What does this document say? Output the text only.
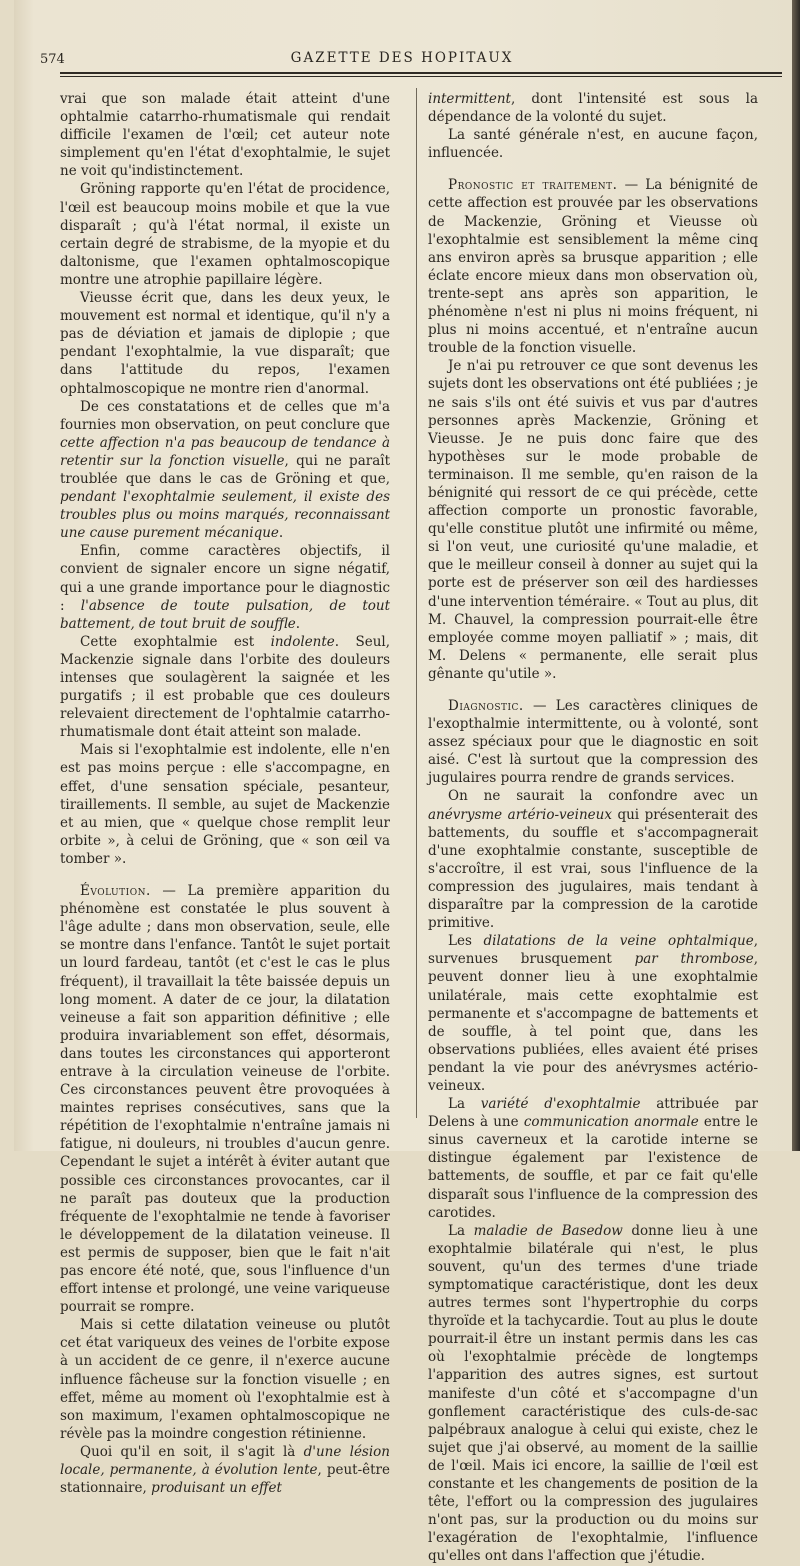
574	GAZETTE DES HOPITAUX

vrai que son malade était atteint d'une ophtalmie catarrho-rhumatismale qui rendait difficile l'examen de l'œil; cet auteur note simplement qu'en l'état d'exophtalmie, le sujet ne voit qu'indistinctement.

Gröning rapporte qu'en l'état de procidence, l'œil est beaucoup moins mobile et que la vue disparaît ; qu'à l'état normal, il existe un certain degré de strabisme, de la myopie et du daltonisme, que l'examen ophtalmoscopique montre une atrophie papillaire légère.

Vieusse écrit que, dans les deux yeux, le mouvement est normal et identique, qu'il n'y a pas de déviation et jamais de diplopie ; que pendant l'exophtalmie, la vue disparaît; que dans l'attitude du repos, l'examen ophtalmoscopique ne montre rien d'anormal.

De ces constatations et de celles que m'a fournies mon observation, on peut conclure que cette affection n'a pas beaucoup de tendance à retentir sur la fonction visuelle, qui ne paraît troublée que dans le cas de Gröning et que, pendant l'exophtalmie seulement, il existe des troubles plus ou moins marqués, reconnaissant une cause purement mécanique.

Enfin, comme caractères objectifs, il convient de signaler encore un signe négatif, qui a une grande importance pour le diagnostic : l'absence de toute pulsation, de tout battement, de tout bruit de souffle.

Cette exophtalmie est indolente. Seul, Mackenzie signale dans l'orbite des douleurs intenses que soulagèrent la saignée et les purgatifs ; il est probable que ces douleurs relevaient directement de l'ophtalmie catarrho-rhumatismale dont était atteint son malade.

Mais si l'exophtalmie est indolente, elle n'en est pas moins perçue : elle s'accompagne, en effet, d'une sensation spéciale, pesanteur, tiraillements. Il semble, au sujet de Mackenzie et au mien, que « quelque chose remplit leur orbite », à celui de Gröning, que « son œil va tomber ».

Évolution. — La première apparition du phénomène est constatée le plus souvent à l'âge adulte ; dans mon observation, seule, elle se montre dans l'enfance. Tantôt le sujet portait un lourd fardeau, tantôt (et c'est le cas le plus fréquent), il travaillait la tête baissée depuis un long moment. A dater de ce jour, la dilatation veineuse a fait son apparition définitive ; elle produira invariablement son effet, désormais, dans toutes les circonstances qui apporteront entrave à la circulation veineuse de l'orbite. Ces circonstances peuvent être provoquées à maintes reprises consécutives, sans que la répétition de l'exophtalmie n'entraîne jamais ni fatigue, ni douleurs, ni troubles d'aucun genre. Cependant le sujet a intérêt à éviter autant que possible ces circonstances provocantes, car il ne paraît pas douteux que la production fréquente de l'exophtalmie ne tende à favoriser le développement de la dilatation veineuse. Il est permis de supposer, bien que le fait n'ait pas encore été noté, que, sous l'influence d'un effort intense et prolongé, une veine variqueuse pourrait se rompre.

Mais si cette dilatation veineuse ou plutôt cet état variqueux des veines de l'orbite expose à un accident de ce genre, il n'exerce aucune influence fâcheuse sur la fonction visuelle ; en effet, même au moment où l'exophtalmie est à son maximum, l'examen ophtalmoscopique ne révèle pas la moindre congestion rétinienne.

Quoi qu'il en soit, il s'agit là d'une lésion locale, permanente, à évolution lente, peut-être stationnaire, produisant un effet

intermittent, dont l'intensité est sous la dépendance de la volonté du sujet.

La santé générale n'est, en aucune façon, influencée.

Pronostic et traitement. — La bénignité de cette affection est prouvée par les observations de Mackenzie, Gröning et Vieusse où l'exophtalmie est sensiblement la même cinq ans environ après sa brusque apparition ; elle éclate encore mieux dans mon observation où, trente-sept ans après son apparition, le phénomène n'est ni plus ni moins fréquent, ni plus ni moins accentué, et n'entraîne aucun trouble de la fonction visuelle.

Je n'ai pu retrouver ce que sont devenus les sujets dont les observations ont été publiées ; je ne sais s'ils ont été suivis et vus par d'autres personnes après Mackenzie, Gröning et Vieusse. Je ne puis donc faire que des hypothèses sur le mode probable de terminaison. Il me semble, qu'en raison de la bénignité qui ressort de ce qui précède, cette affection comporte un pronostic favorable, qu'elle constitue plutôt une infirmité ou même, si l'on veut, une curiosité qu'une maladie, et que le meilleur conseil à donner au sujet qui la porte est de préserver son œil des hardiesses d'une intervention téméraire. « Tout au plus, dit M. Chauvel, la compression pourrait-elle être employée comme moyen palliatif » ; mais, dit M. Delens « permanente, elle serait plus gênante qu'utile ».

Diagnostic. — Les caractères cliniques de l'exopthalmie intermittente, ou à volonté, sont assez spéciaux pour que le diagnostic en soit aisé. C'est là surtout que la compression des jugulaires pourra rendre de grands services.

On ne saurait la confondre avec un anévrysme artério-veineux qui présenterait des battements, du souffle et s'accompagnerait d'une exophtalmie constante, susceptible de s'accroître, il est vrai, sous l'influence de la compression des jugulaires, mais tendant à disparaître par la compression de la carotide primitive.

Les dilatations de la veine ophtalmique, survenues brusquement par thrombose, peuvent donner lieu à une exophtalmie unilatérale, mais cette exophtalmie est permanente et s'accompagne de battements et de souffle, à tel point que, dans les observations publiées, elles avaient été prises pendant la vie pour des anévrysmes actério-veineux.

La variété d'exophtalmie attribuée par Delens à une communication anormale entre le sinus caverneux et la carotide interne se distingue également par l'existence de battements, de souffle, et par ce fait qu'elle disparaît sous l'influence de la compression des carotides.

La maladie de Basedow donne lieu à une exophtalmie bilatérale qui n'est, le plus souvent, qu'un des termes d'une triade symptomatique caractéristique, dont les deux autres termes sont l'hypertrophie du corps thyroïde et la tachycardie. Tout au plus le doute pourrait-il être un instant permis dans les cas où l'exophtalmie précède de longtemps l'apparition des autres signes, est surtout manifeste d'un côté et s'accompagne d'un gonflement caractéristique des culs-de-sac palpébraux analogue à celui qui existe, chez le sujet que j'ai observé, au moment de la saillie de l'œil. Mais ici encore, la saillie de l'œil est constante et les changements de position de la tête, l'effort ou la compression des jugulaires n'ont pas, sur la production ou du moins sur l'exagération de l'exophtalmie, l'influence qu'elles ont dans l'affection que j'étudie.
